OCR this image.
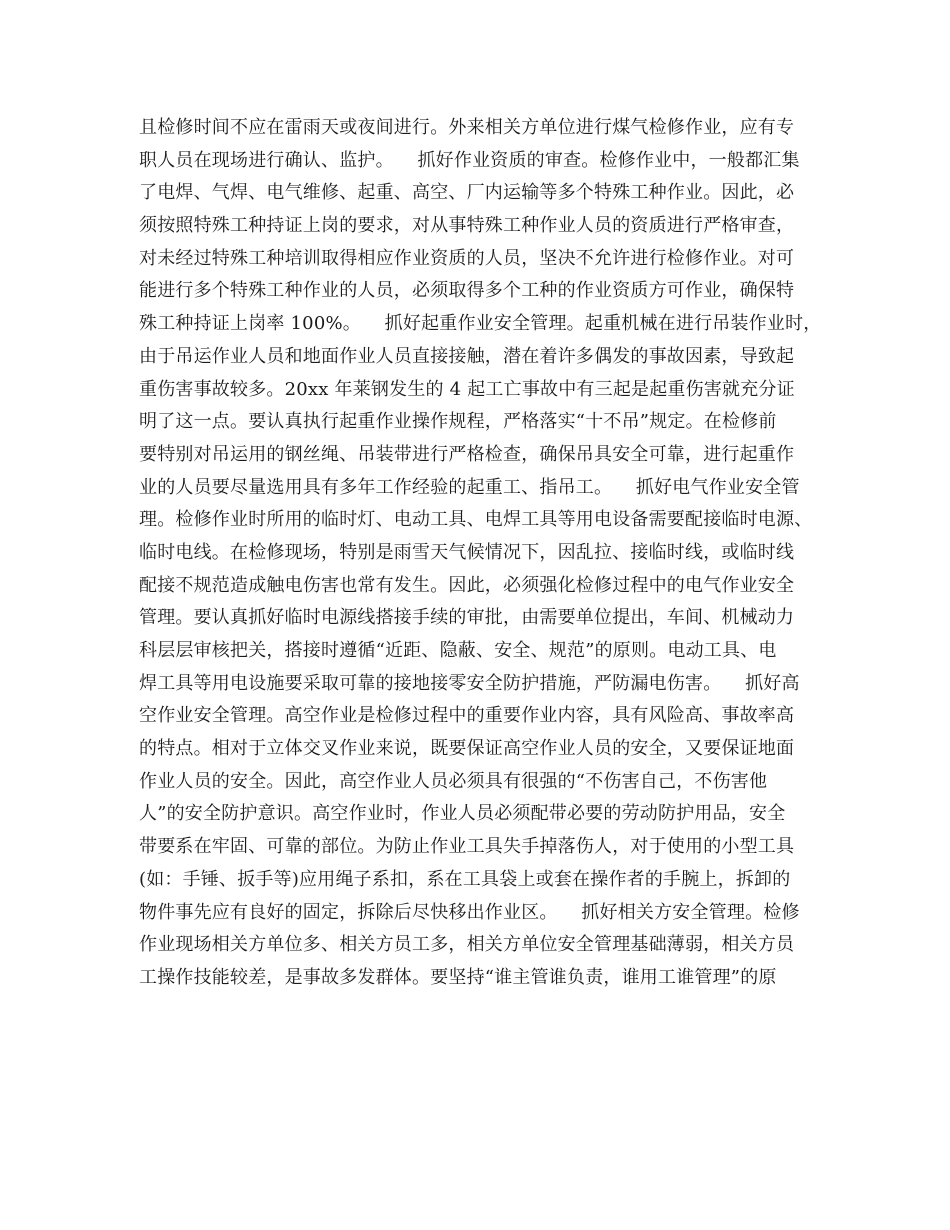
且检修时间不应在雷雨天或夜间进行。外来相关方单位进行煤气检修作业，应有专
职人员在现场进行确认、监护。    抓好作业资质的审查。检修作业中，一般都汇集
了电焊、气焊、电气维修、起重、高空、厂内运输等多个特殊工种作业。因此，必
须按照特殊工种持证上岗的要求，对从事特殊工种作业人员的资质进行严格审查，
对未经过特殊工种培训取得相应作业资质的人员，坚决不允许进行检修作业。对可
能进行多个特殊工种作业的人员，必须取得多个工种的作业资质方可作业，确保特
殊工种持证上岗率 100%。    抓好起重作业安全管理。起重机械在进行吊装作业时，
由于吊运作业人员和地面作业人员直接接触，潜在着许多偶发的事故因素，导致起
重伤害事故较多。20xx 年莱钢发生的 4 起工亡事故中有三起是起重伤害就充分证
明了这一点。要认真执行起重作业操作规程，严格落实“十不吊”规定。在检修前
要特别对吊运用的钢丝绳、吊装带进行严格检查，确保吊具安全可靠，进行起重作
业的人员要尽量选用具有多年工作经验的起重工、指吊工。    抓好电气作业安全管
理。检修作业时所用的临时灯、电动工具、电焊工具等用电设备需要配接临时电源、
临时电线。在检修现场，特别是雨雪天气候情况下，因乱拉、接临时线，或临时线
配接不规范造成触电伤害也常有发生。因此，必须强化检修过程中的电气作业安全
管理。要认真抓好临时电源线搭接手续的审批，由需要单位提出，车间、机械动力
科层层审核把关，搭接时遵循“近距、隐蔽、安全、规范”的原则。电动工具、电
焊工具等用电设施要采取可靠的接地接零安全防护措施，严防漏电伤害。    抓好高
空作业安全管理。高空作业是检修过程中的重要作业内容，具有风险高、事故率高
的特点。相对于立体交叉作业来说，既要保证高空作业人员的安全，又要保证地面
作业人员的安全。因此，高空作业人员必须具有很强的“不伤害自己，不伤害他
人”的安全防护意识。高空作业时，作业人员必须配带必要的劳动防护用品，安全
带要系在牢固、可靠的部位。为防止作业工具失手掉落伤人，对于使用的小型工具
(如：手锤、扳手等)应用绳子系扣，系在工具袋上或套在操作者的手腕上，拆卸的
物件事先应有良好的固定，拆除后尽快移出作业区。    抓好相关方安全管理。检修
作业现场相关方单位多、相关方员工多，相关方单位安全管理基础薄弱，相关方员
工操作技能较差，是事故多发群体。要坚持“谁主管谁负责，谁用工谁管理”的原
